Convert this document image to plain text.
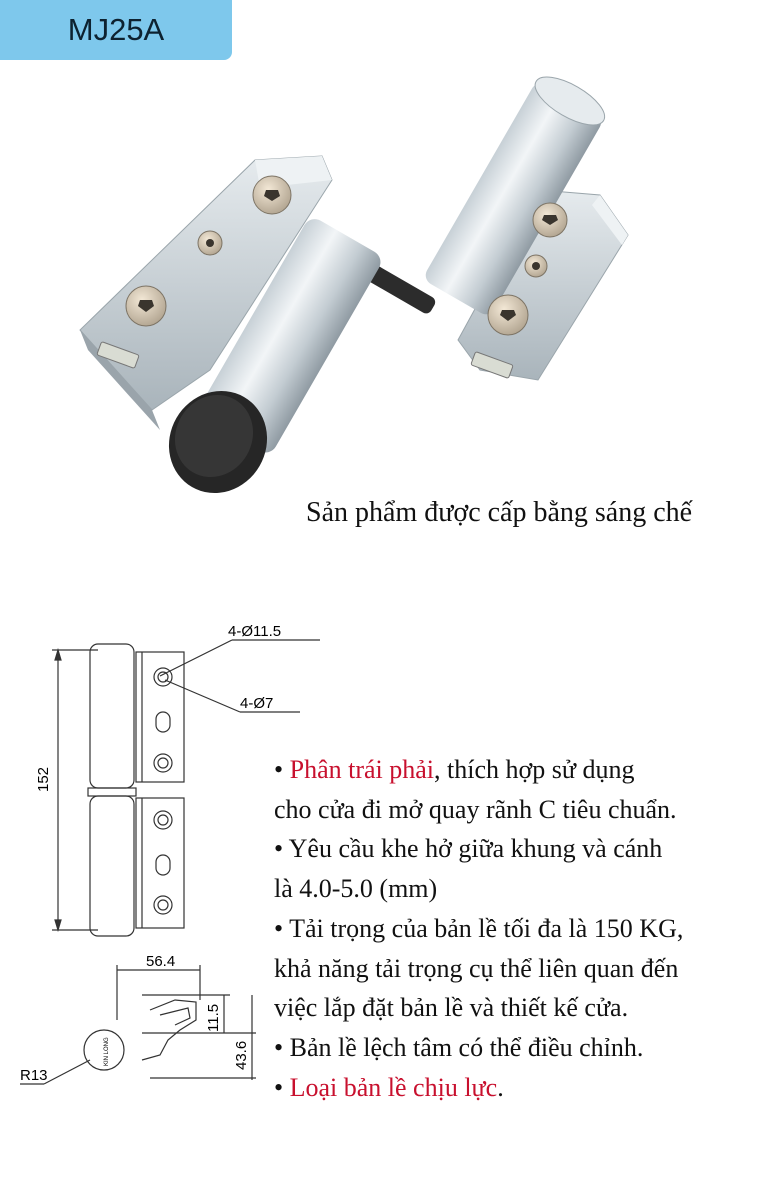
MJ25A
Sản phẩm được cấp bằng sáng chế
4-Ø11.5
4-Ø7
152
56.4
11.5
43.6
R13
KIN LONG

• Phân trái phải, thích hợp sử dụng

cho cửa đi mở quay rãnh C tiêu chuẩn.

• Yêu cầu khe hở giữa khung và cánh

là 4.0-5.0 (mm)

• Tải trọng của bản lề tối đa là 150 KG,

khả năng tải trọng cụ thể liên quan đến

việc lắp đặt bản lề và thiết kế cửa.

• Bản lề lệch tâm có thể điều chỉnh.

• Loại bản lề chịu lực.
